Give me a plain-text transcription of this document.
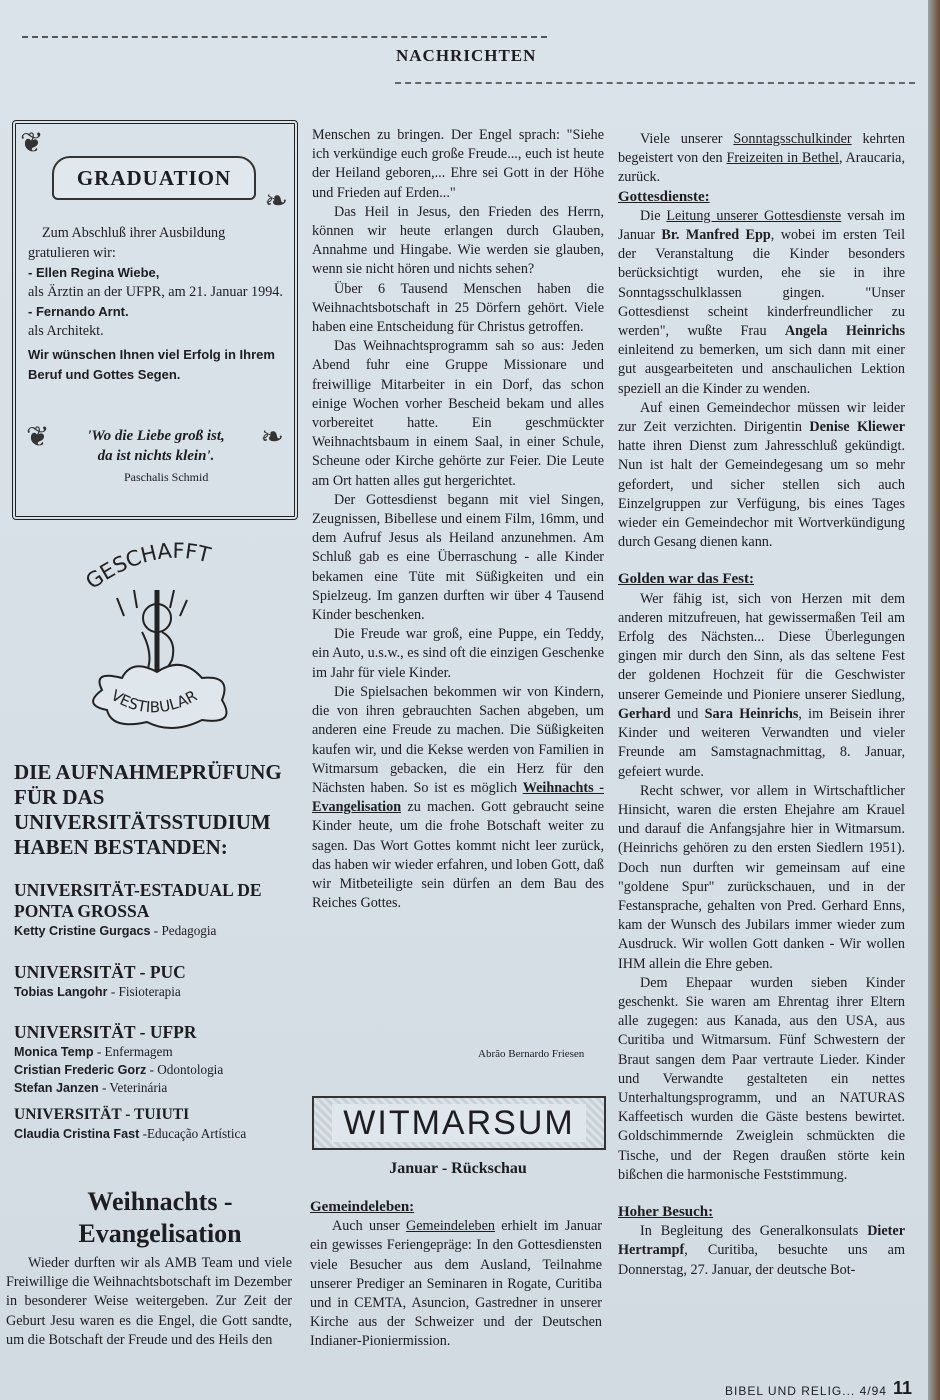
NACHRICHTEN
❦
❧
GRADUATION
Zum Abschluß ihrer Ausbildung gratulieren wir:
- Ellen Regina Wiebe,
als Ärztin an der UFPR, am 21. Januar 1994.
- Fernando Arnt.
als Architekt.
Wir wünschen Ihnen viel Erfolg in Ihrem Beruf und Gottes Segen.
❦	❧
'Wo die Liebe groß ist,
da ist nichts klein'.
Paschalis Schmid
GESCHAFFT
VESTIBULAR
DIE AUFNAHMEPRÜFUNG FÜR DAS UNIVERSITÄTSSTUDIUM HABEN BESTANDEN:
UNIVERSITÄT-ESTADUAL DE PONTA GROSSA
Ketty Cristine Gurgacs - Pedagogia
UNIVERSITÄT - PUC
Tobias Langohr - Fisioterapia
UNIVERSITÄT - UFPR
Monica Temp - Enfermagem
Cristian Frederic Gorz - Odontologia
Stefan Janzen - Veterinária
UNIVERSITÄT - TUIUTI
Claudia Cristina Fast -Educação Artística
Weihnachts -
Evangelisation

Wieder durften wir als AMB Team und viele Freiwillige die Weihnachtsbotschaft im Dezember in besonderer Weise weitergeben. Zur Zeit der Geburt Jesu waren es die Engel, die Gott sandte, um die Botschaft der Freude und des Heils den

Menschen zu bringen. Der Engel sprach: "Siehe ich verkündige euch große Freude..., euch ist heute der Heiland geboren,... Ehre sei Gott in der Höhe und Frieden auf Erden..."

Das Heil in Jesus, den Frieden des Herrn, können wir heute erlangen durch Glauben, Annahme und Hingabe. Wie werden sie glauben, wenn sie nicht hören und nichts sehen?

Über 6 Tausend Menschen haben die Weihnachtsbotschaft in 25 Dörfern gehört. Viele haben eine Entscheidung für Christus getroffen.

Das Weihnachtsprogramm sah so aus: Jeden Abend fuhr eine Gruppe Missionare und freiwillige Mitarbeiter in ein Dorf, das schon einige Wochen vorher Bescheid bekam und alles vorbereitet hatte. Ein geschmückter Weihnachtsbaum in einem Saal, in einer Schule, Scheune oder Kirche gehörte zur Feier. Die Leute am Ort hatten alles gut hergerichtet.

Der Gottesdienst begann mit viel Singen, Zeugnissen, Bibellese und einem Film, 16mm, und dem Aufruf Jesus als Heiland anzunehmen. Am Schluß gab es eine Überraschung - alle Kinder bekamen eine Tüte mit Süßigkeiten und ein Spielzeug. Im ganzen durften wir über 4 Tausend Kinder beschenken.

Die Freude war groß, eine Puppe, ein Teddy, ein Auto, u.s.w., es sind oft die einzigen Geschenke im Jahr für viele Kinder.

Die Spielsachen bekommen wir von Kindern, die von ihren gebrauchten Sachen abgeben, um anderen eine Freude zu machen. Die Süßigkeiten kaufen wir, und die Kekse werden von Familien in Witmarsum gebacken, die ein Herz für den Nächsten haben. So ist es möglich Weihnachts - Evangelisation zu machen. Gott gebraucht seine Kinder heute, um die frohe Botschaft weiter zu sagen. Das Wort Gottes kommt nicht leer zurück, das haben wir wieder erfahren, und loben Gott, daß wir Mitbeteiligte sein dürfen an dem Bau des Reiches Gottes.

Abrão Bernardo Friesen
WITMARSUM
Januar - Rückschau
Gemeindeleben:

Auch unser Gemeindeleben erhielt im Januar ein gewisses Feriengepräge: In den Gottesdiensten viele Besucher aus dem Ausland, Teilnahme unserer Prediger an Seminaren in Rogate, Curitiba und in CEMTA, Asuncion, Gastredner in unserer Kirche aus der Schweizer und der Deutschen Indianer-Pioniermission.

Viele unserer Sonntagsschulkinder kehrten begeistert von den Freizeiten in Bethel, Araucaria, zurück.

Gottesdienste:

Die Leitung unserer Gottesdienste versah im Januar Br. Manfred Epp, wobei im ersten Teil der Veranstaltung die Kinder besonders berücksichtigt wurden, ehe sie in ihre Sonntagsschulklassen gingen. "Unser Gottesdienst scheint kinderfreundlicher zu werden", wußte Frau Angela Heinrichs einleitend zu bemerken, um sich dann mit einer gut ausgearbeiteten und anschaulichen Lektion speziell an die Kinder zu wenden.

Auf einen Gemeindechor müssen wir leider zur Zeit verzichten. Dirigentin Denise Kliewer hatte ihren Dienst zum Jahresschluß gekündigt. Nun ist halt der Gemeindegesang um so mehr gefordert, und sicher stellen sich auch Einzelgruppen zur Verfügung, bis eines Tages wieder ein Gemeindechor mit Wortverkündigung durch Gesang dienen kann.

Golden war das Fest:

Wer fähig ist, sich von Herzen mit dem anderen mitzufreuen, hat gewissermaßen Teil am Erfolg des Nächsten... Diese Überlegungen gingen mir durch den Sinn, als das seltene Fest der goldenen Hochzeit für die Geschwister unserer Gemeinde und Pioniere unserer Siedlung, Gerhard und Sara Heinrichs, im Beisein ihrer Kinder und weiteren Verwandten und vieler Freunde am Samstagnachmittag, 8. Januar, gefeiert wurde.

Recht schwer, vor allem in Wirtschaftlicher Hinsicht, waren die ersten Ehejahre am Krauel und darauf die Anfangsjahre hier in Witmarsum. (Heinrichs gehören zu den ersten Siedlern 1951). Doch nun durften wir gemeinsam auf eine "goldene Spur" zurückschauen, und in der Festansprache, gehalten von Pred. Gerhard Enns, kam der Wunsch des Jubilars immer wieder zum Ausdruck. Wir wollen Gott danken - Wir wollen IHM allein die Ehre geben.

Dem Ehepaar wurden sieben Kinder geschenkt. Sie waren am Ehrentag ihrer Eltern alle zugegen: aus Kanada, aus den USA, aus Curitiba und Witmarsum. Fünf Schwestern der Braut sangen dem Paar vertraute Lieder. Kinder und Verwandte gestalteten ein nettes Unterhaltungsprogramm, und an NATURAS Kaffeetisch wurden die Gäste bestens bewirtet. Goldschimmernde Zweiglein schmückten die Tische, und der Regen draußen störte kein bißchen die harmonische Feststimmung.

Hoher Besuch:

In Begleitung des Generalkonsulats Dieter Hertrampf, Curitiba, besuchte uns am Donnerstag, 27. Januar, der deutsche Bot-

BIBEL UND RELIG... 4/94 11
